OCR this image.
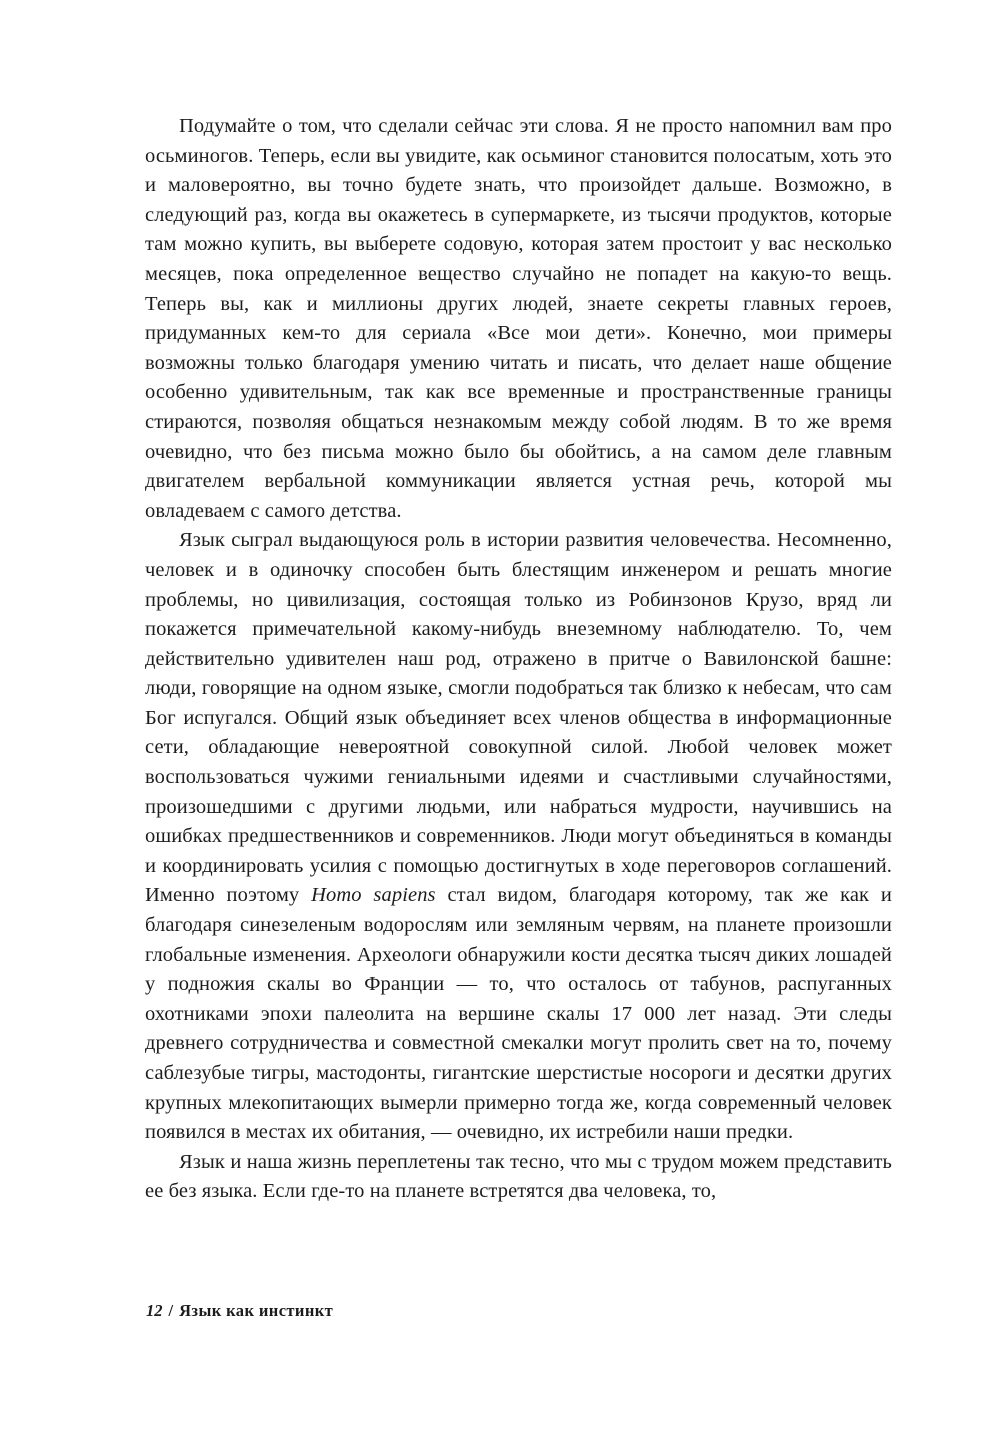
Подумайте о том, что сделали сейчас эти слова. Я не просто напомнил вам про осьминогов. Теперь, если вы увидите, как осьминог становится полосатым, хоть это и маловероятно, вы точно будете знать, что произойдет дальше. Возможно, в следующий раз, когда вы окажетесь в супермаркете, из тысячи продуктов, которые там можно купить, вы выберете содовую, которая затем простоит у вас несколько месяцев, пока определенное вещество случайно не попадет на какую-то вещь. Теперь вы, как и миллионы других людей, знаете секреты главных героев, придуманных кем-то для сериала «Все мои дети». Конечно, мои примеры возможны только благодаря умению читать и писать, что делает наше общение особенно удивительным, так как все временные и пространственные границы стираются, позволяя общаться незнакомым между собой людям. В то же время очевидно, что без письма можно было бы обойтись, а на самом деле главным двигателем вербальной коммуникации является устная речь, которой мы овладеваем с самого детства.

Язык сыграл выдающуюся роль в истории развития человечества. Несомненно, человек и в одиночку способен быть блестящим инженером и решать многие проблемы, но цивилизация, состоящая только из Робинзонов Крузо, вряд ли покажется примечательной какому-нибудь внеземному наблюдателю. То, чем действительно удивителен наш род, отражено в притче о Вавилонской башне: люди, говорящие на одном языке, смогли подобраться так близко к небесам, что сам Бог испугался. Общий язык объединяет всех членов общества в информационные сети, обладающие невероятной совокупной силой. Любой человек может воспользоваться чужими гениальными идеями и счастливыми случайностями, произошедшими с другими людьми, или набраться мудрости, научившись на ошибках предшественников и современников. Люди могут объединяться в команды и координировать усилия с помощью достигнутых в ходе переговоров соглашений. Именно поэтому Homo sapiens стал видом, благодаря которому, так же как и благодаря синезеленым водорослям или земляным червям, на планете произошли глобальные изменения. Археологи обнаружили кости десятка тысяч диких лошадей у подножия скалы во Франции — то, что осталось от табунов, распуганных охотниками эпохи палеолита на вершине скалы 17 000 лет назад. Эти следы древнего сотрудничества и совместной смекалки могут пролить свет на то, почему саблезубые тигры, мастодонты, гигантские шерстистые носороги и десятки других крупных млекопитающих вымерли примерно тогда же, когда современный человек появился в местах их обитания, — очевидно, их истребили наши предки.

Язык и наша жизнь переплетены так тесно, что мы с трудом можем представить ее без языка. Если где-то на планете встретятся два человека, то,

12 / Язык как инстинкт
